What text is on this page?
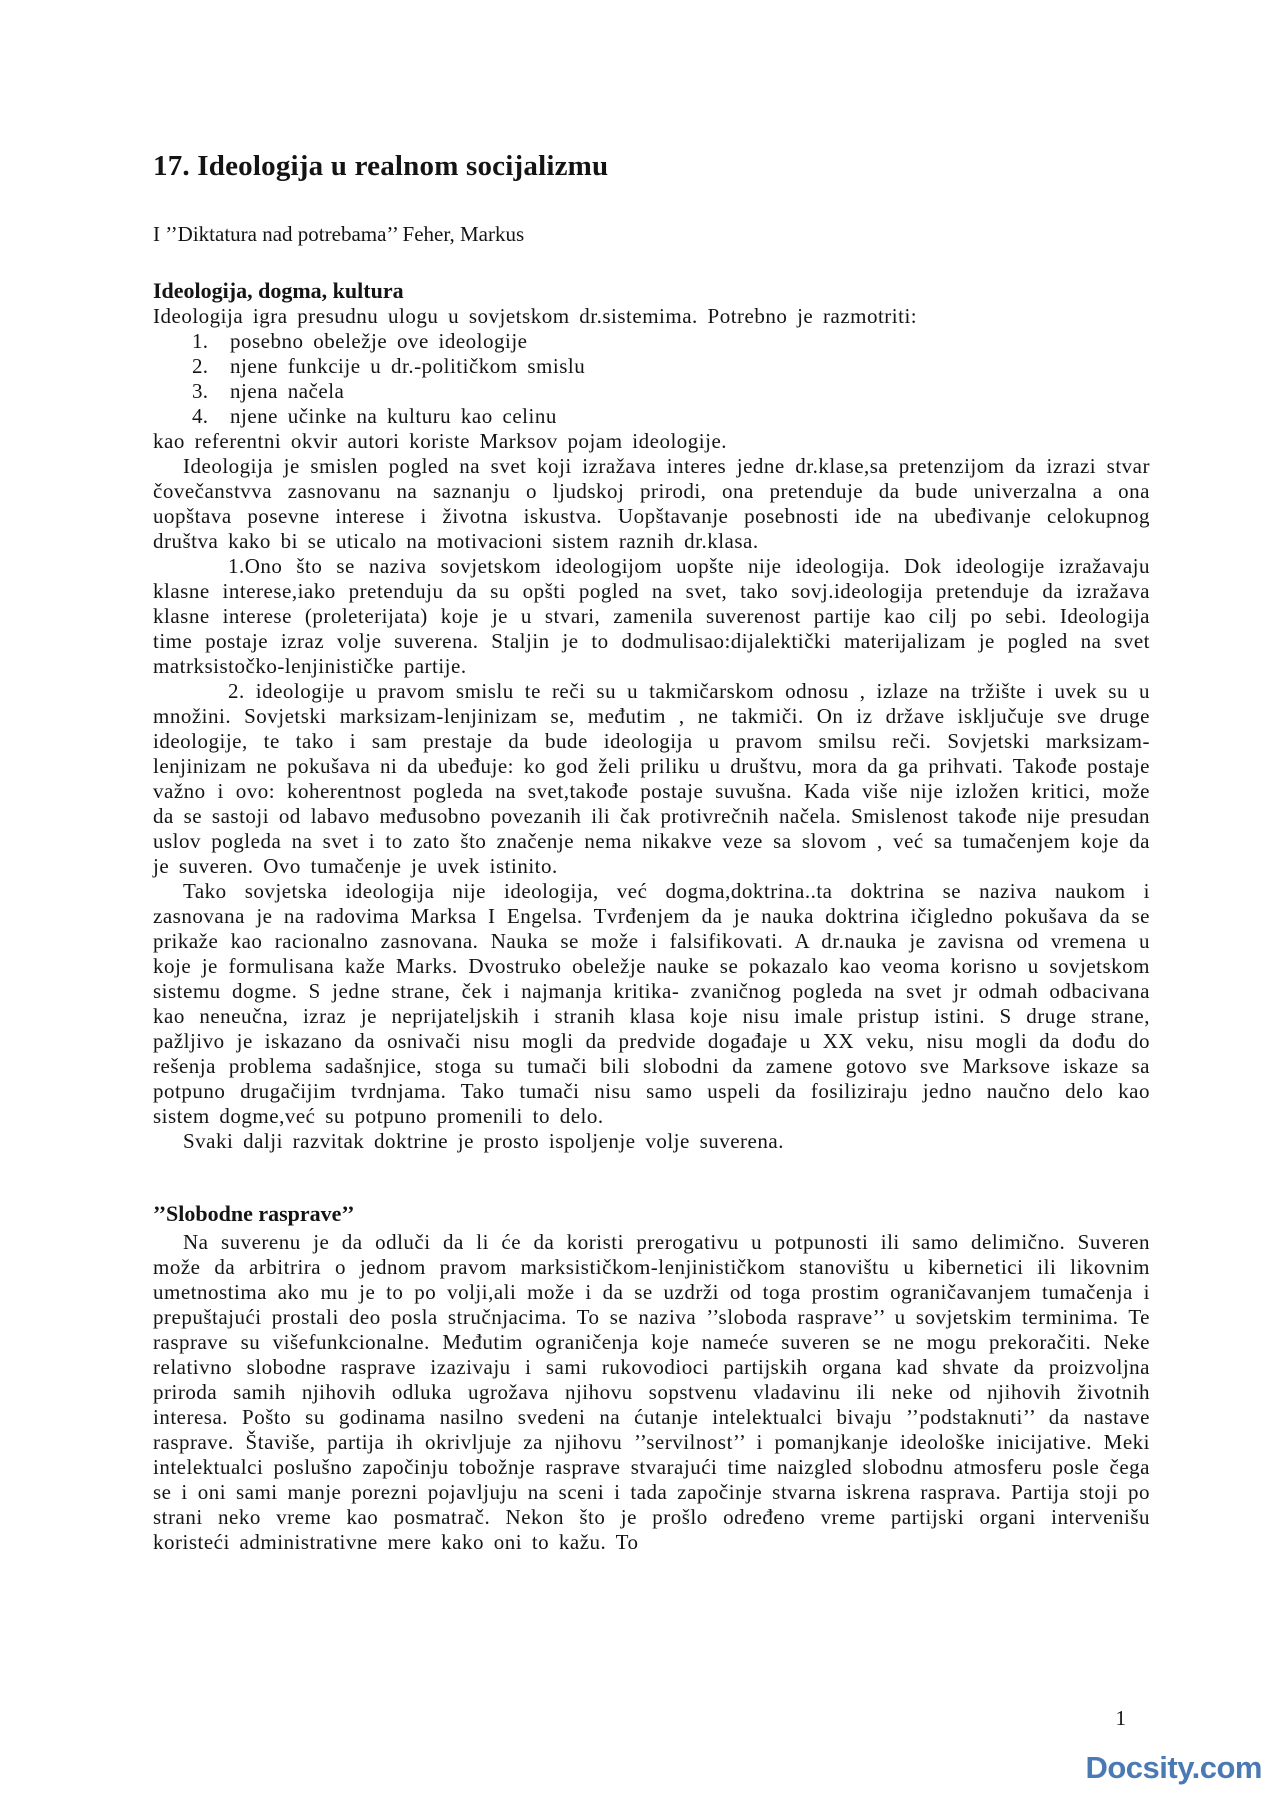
17. Ideologija u realnom socijalizmu

I ’’Diktatura nad potrebama’’ Feher, Markus

Ideologija, dogma, kultura

Ideologija igra presudnu ulogu u sovjetskom dr.sistemima. Potrebno je razmotriti:

1.	posebno obeležje ove ideologije
2.	njene funkcije u dr.-političkom smislu
3.	njena načela
4.	njene učinke na kulturu kao celinu

kao referentni okvir autori koriste Marksov pojam ideologije.

Ideologija je smislen pogled na svet koji izražava interes jedne dr.klase,sa pretenzijom da izrazi stvar čovečanstvva zasnovanu na saznanju o ljudskoj prirodi, ona pretenduje da bude univerzalna a ona uopštava posevne interese i životna iskustva. Uopštavanje posebnosti ide na ubeđivanje celokupnog društva kako bi se uticalo na motivacioni sistem raznih dr.klasa.

1.Ono što se naziva sovjetskom ideologijom uopšte nije ideologija. Dok ideologije izražavaju klasne interese,iako pretenduju da su opšti pogled na svet, tako sovj.ideologija pretenduje da izražava klasne interese (proleterijata) koje je u stvari, zamenila suverenost partije kao cilj po sebi. Ideologija time postaje izraz volje suverena. Staljin je to dodmulisao:dijalektički materijalizam je pogled na svet matrksistočko-lenjinističke partije.

2. ideologije u pravom smislu te reči su u takmičarskom odnosu , izlaze na tržište i uvek su u množini. Sovjetski marksizam-lenjinizam se, međutim , ne takmiči. On iz države isključuje sve druge ideologije, te tako i sam prestaje da bude ideologija u pravom smilsu reči. Sovjetski marksizam-lenjinizam ne pokušava ni da ubeđuje: ko god želi priliku u društvu, mora da ga prihvati. Takođe postaje važno i ovo: koherentnost pogleda na svet,takođe postaje suvušna. Kada više nije izložen kritici, može da se sastoji od labavo međusobno povezanih ili čak protivrečnih načela. Smislenost takođe nije presudan uslov pogleda na svet i to zato što značenje nema nikakve veze sa slovom , već sa tumačenjem koje da je suveren. Ovo tumačenje je uvek istinito.

Tako sovjetska ideologija nije ideologija, već dogma,doktrina..ta doktrina se naziva naukom i zasnovana je na radovima Marksa I Engelsa. Tvrđenjem da je nauka doktrina ičigledno pokušava da se prikaže kao racionalno zasnovana. Nauka se može i falsifikovati. A dr.nauka je zavisna od vremena u koje je formulisana kaže Marks. Dvostruko obeležje nauke se pokazalo kao veoma korisno u sovjetskom sistemu dogme. S jedne strane, ček i najmanja kritika- zvaničnog pogleda na svet jr odmah odbacivana kao neneučna, izraz je neprijateljskih i stranih klasa koje nisu imale pristup istini. S druge strane, pažljivo je iskazano da osnivači nisu mogli da predvide događaje u XX veku, nisu mogli da dođu do rešenja problema sadašnjice, stoga su tumači bili slobodni da zamene gotovo sve Marksove iskaze sa potpuno drugačijim tvrdnjama. Tako tumači nisu samo uspeli da fosiliziraju jedno naučno delo kao sistem dogme,već su potpuno promenili to delo.

Svaki dalji razvitak doktrine je prosto ispoljenje volje suverena.

’’Slobodne rasprave’’

Na suverenu je da odluči da li će da koristi prerogativu u potpunosti ili samo delimično. Suveren može da arbitrira o jednom pravom marksističkom-lenjinističkom stanovištu u kibernetici ili likovnim umetnostima ako mu je to po volji,ali može i da se uzdrži od toga prostim ograničavanjem tumačenja i prepuštajući prostali deo posla stručnjacima. To se naziva ’’sloboda rasprave’’ u sovjetskim terminima. Te rasprave su višefunkcionalne. Međutim ograničenja koje nameće suveren se ne mogu prekoračiti. Neke relativno slobodne rasprave izazivaju i sami rukovodioci partijskih organa kad shvate da proizvoljna priroda samih njihovih odluka ugrožava njihovu sopstvenu vladavinu ili neke od njihovih životnih interesa. Pošto su godinama nasilno svedeni na ćutanje intelektualci bivaju ’’podstaknuti’’ da nastave rasprave. Štaviše, partija ih okrivljuje za njihovu ’’servilnost’’ i pomanjkanje ideološke inicijative. Meki intelektualci poslušno započinju tobožnje rasprave stvarajući time naizgled slobodnu atmosferu posle čega se i oni sami manje porezni pojavljuju na sceni i tada započinje stvarna iskrena rasprava. Partija stoji po strani neko vreme kao posmatrač. Nekon što je prošlo određeno vreme partijski organi intervenišu koristeći administrativne mere kako oni to kažu. To

1
Docsity.com
